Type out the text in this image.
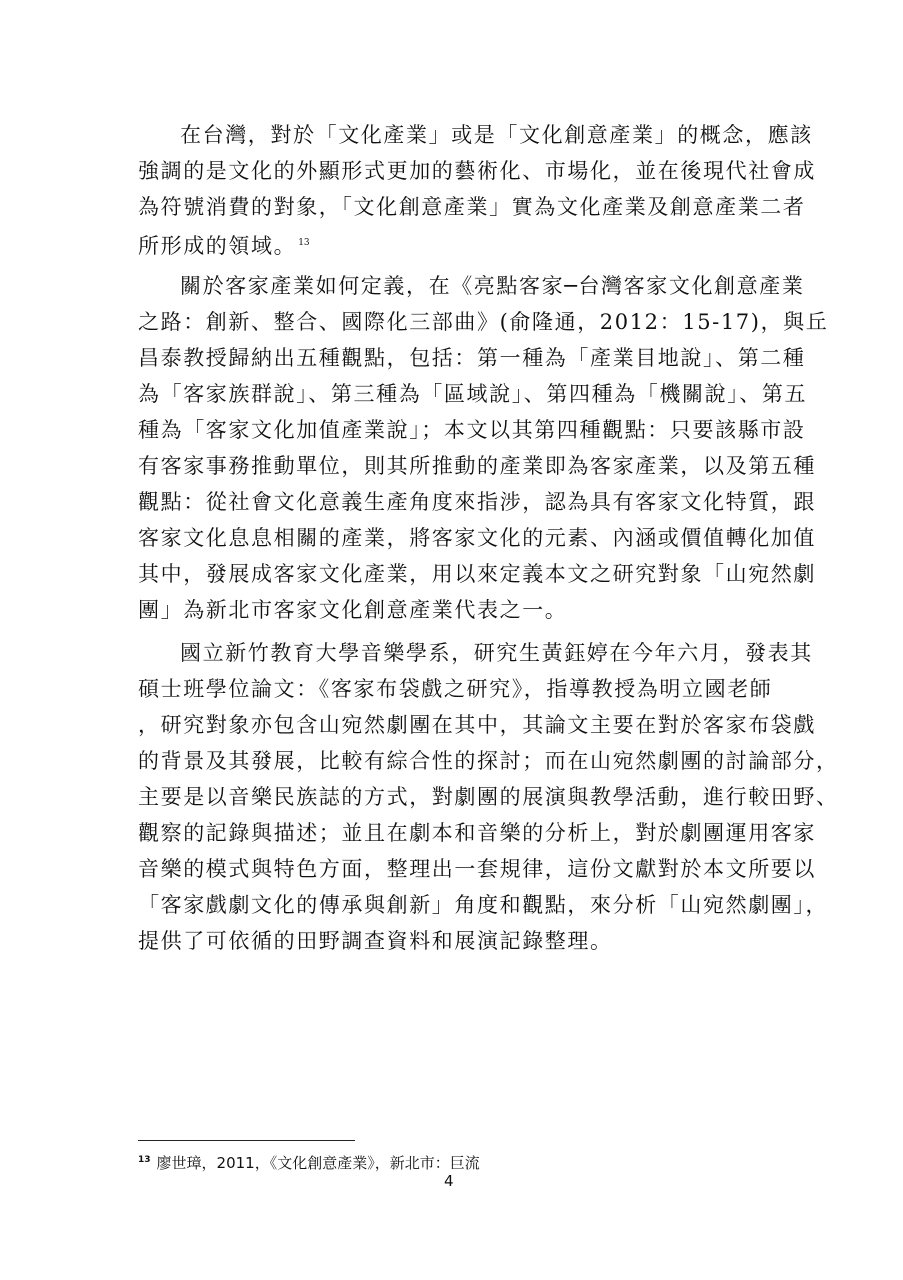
在台灣，對於「文化產業」或是「文化創意產業」的概念，應該
強調的是文化的外顯形式更加的藝術化、市場化，並在後現代社會成
為符號消費的對象，「文化創意產業」實為文化產業及創意產業二者
所形成的領域。 $^{13}$
關於客家產業如何定義，在《亮點客家─台灣客家文化創意產業
之路：創新、整合、國際化三部曲》(俞隆通，2012：15-17)，與丘
昌泰教授歸納出五種觀點，包括：第一種為「產業目地說」、第二種
為「客家族群說」、第三種為「區域說」、第四種為「機關說」、第五
種為「客家文化加值產業說」；本文以其第四種觀點：只要該縣市設
有客家事務推動單位，則其所推動的產業即為客家產業，以及第五種
觀點：從社會文化意義生產角度來指涉，認為具有客家文化特質，跟
客家文化息息相關的產業，將客家文化的元素、內涵或價值轉化加值
其中，發展成客家文化產業，用以來定義本文之研究對象「山宛然劇
團」為新北市客家文化創意產業代表之一。
國立新竹教育大學音樂學系，研究生黃鈺婷在今年六月，發表其
碩士班學位論文：《客家布袋戲之研究》，指導教授為明立國老師
，研究對象亦包含山宛然劇團在其中，其論文主要在對於客家布袋戲
的背景及其發展，比較有綜合性的探討；而在山宛然劇團的討論部分，
主要是以音樂民族誌的方式，對劇團的展演與教學活動，進行較田野、
觀察的記錄與描述；並且在劇本和音樂的分析上，對於劇團運用客家
音樂的模式與特色方面，整理出一套規律，這份文獻對於本文所要以
「客家戲劇文化的傳承與創新」角度和觀點，來分析「山宛然劇團」，
提供了可依循的田野調查資料和展演記錄整理。
$^{13}$ 廖世璋，2011，《文化創意產業》，新北市：巨流
4
